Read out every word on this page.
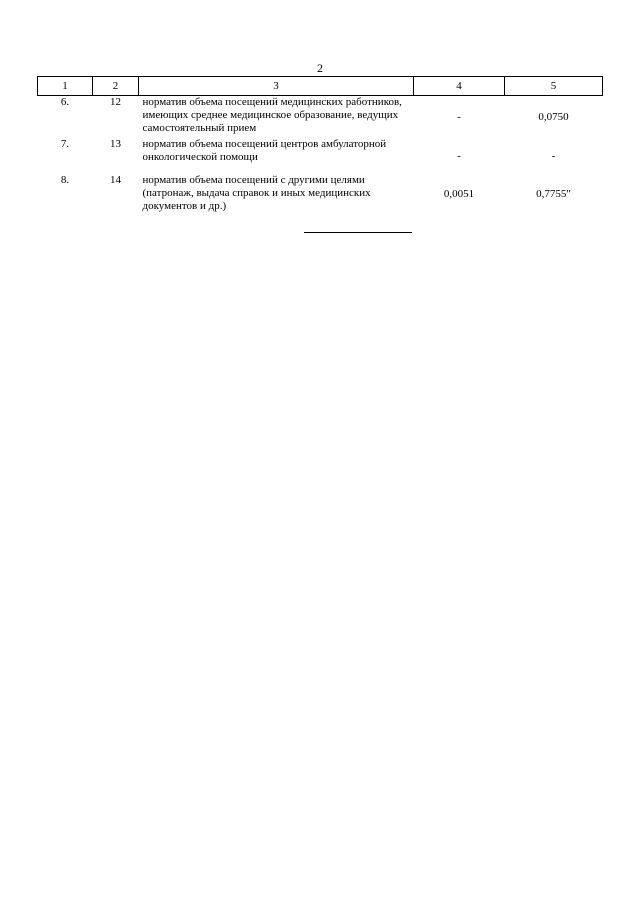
2
1	2	3	4	5
6.	12	норматив объема посещений медицинских работников, имеющих среднее медицинское образование, ведущих самостоятельный прием	-	0,0750
7.	13	норматив объема посещений центров амбулаторной онкологической помощи	-	-
8.	14	норматив объема посещений с другими целями (патронаж, выдача справок и иных медицинских документов и др.)	0,0051	0,7755"
